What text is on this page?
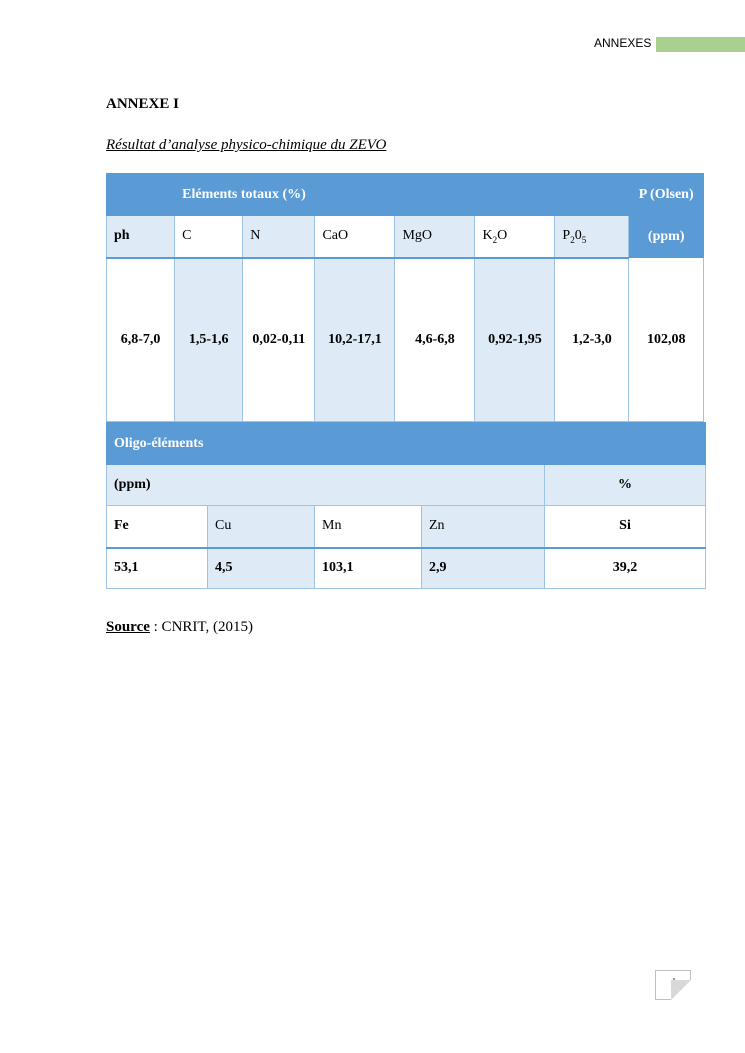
ANNEXES
ANNEXE I
Résultat d’analyse physico-chimique du ZEVO
	Eléments totaux (%)						P (Olsen)
ph	C	N	CaO	MgO	$K_2O$	$P_20_5$	(ppm)
6,8-7,0	1,5-1,6	0,02-0,11	10,2-17,1	4,6-6,8	0,92-1,95	1,2-3,0	102,08
Oligo-éléments				
(ppm)				%
Fe	Cu	Mn	Zn	Si
53,1	4,5	103,1	2,9	39,2
Source : CNRIT, (2015)
I
